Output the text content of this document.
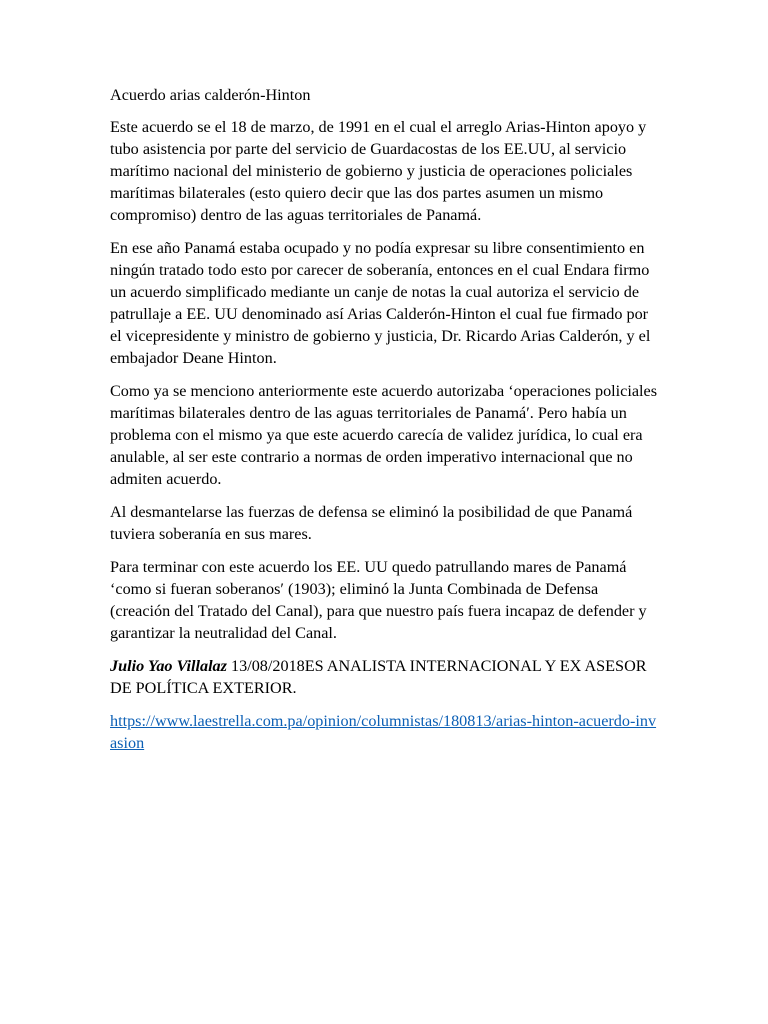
Acuerdo arias calderón-Hinton

Este acuerdo se el 18 de marzo, de 1991 en el cual el arreglo Arias-Hinton apoyo y tubo asistencia por parte del servicio de Guardacostas de los EE.UU, al servicio marítimo nacional del ministerio de gobierno y justicia de operaciones policiales marítimas bilaterales (esto quiero decir que las dos partes asumen un mismo compromiso) dentro de las aguas territoriales de Panamá.

En ese año Panamá estaba ocupado y no podía expresar su libre consentimiento en ningún tratado todo esto por carecer de soberanía, entonces en el cual Endara firmo un acuerdo simplificado mediante un canje de notas la cual autoriza el servicio de patrullaje a EE. UU denominado así Arias Calderón-Hinton el cual fue firmado por el vicepresidente y ministro de gobierno y justicia, Dr. Ricardo Arias Calderón, y el embajador Deane Hinton.

Como ya se menciono anteriormente este acuerdo autorizaba ‘operaciones policiales marítimas bilaterales dentro de las aguas territoriales de Panamá′. Pero había un problema con el mismo ya que este acuerdo carecía de validez jurídica, lo cual era anulable, al ser este contrario a normas de orden imperativo internacional que no admiten acuerdo.

Al desmantelarse las fuerzas de defensa se eliminó la posibilidad de que Panamá tuviera soberanía en sus mares.

Para terminar con este acuerdo los EE. UU quedo patrullando mares de Panamá ‘como si fueran soberanos′ (1903); eliminó la Junta Combinada de Defensa (creación del Tratado del Canal), para que nuestro país fuera incapaz de defender y garantizar la neutralidad del Canal.

Julio Yao Villalaz 13/08/2018ES ANALISTA INTERNACIONAL Y EX ASESOR DE POLÍTICA EXTERIOR.

https://www.laestrella.com.pa/opinion/columnistas/180813/arias-hinton-acuerdo-invasion
